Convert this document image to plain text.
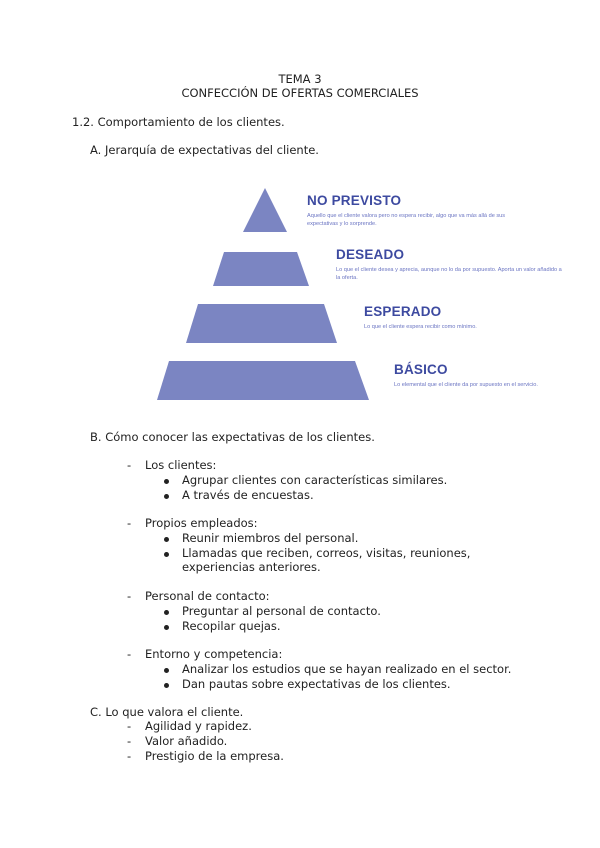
TEMA 3
CONFECCIÓN DE OFERTAS COMERCIALES
1.2. Comportamiento de los clientes.
A. Jerarquía de expectativas del cliente.
NO PREVISTO
Aquello que el cliente valora pero no espera recibir, algo que va más allá de sus expectativas y lo sorprende.
DESEADO
Lo que el cliente desea y aprecia, aunque no lo da por supuesto. Aporta un valor añadido a la oferta.
ESPERADO
Lo que el cliente espera recibir como mínimo.
BÁSICO
Lo elemental que el cliente da por supuesto en el servicio.
B. Cómo conocer las expectativas de los clientes.
- Los clientes:
Agrupar clientes con características similares.
A través de encuestas.
- Propios empleados:
Reunir miembros del personal.
Llamadas que reciben, correos, visitas, reuniones,
experiencias anteriores.
- Personal de contacto:
Preguntar al personal de contacto.
Recopilar quejas.
- Entorno y competencia:
Analizar los estudios que se hayan realizado en el sector.
Dan pautas sobre expectativas de los clientes.
C. Lo que valora el cliente.
- Agilidad y rapidez.
- Valor añadido.
- Prestigio de la empresa.
